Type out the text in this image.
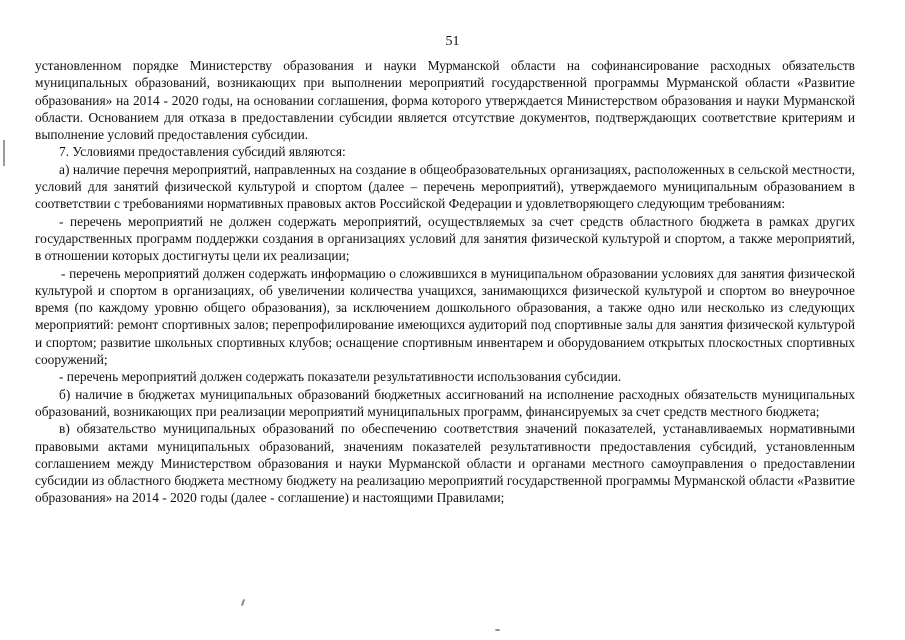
51

установленном порядке Министерству образования и науки Мурманской области на софинансирование расходных обязательств муниципальных образований, возникающих при выполнении мероприятий государственной программы Мурманской области «Развитие образования» на 2014 - 2020 годы, на основании соглашения, форма которого утверждается Министерством образования и науки Мурманской области. Основанием для отказа в предоставлении субсидии является отсутствие документов, подтверждающих соответствие критериям и выполнение условий предоставления субсидии.

7. Условиями предоставления субсидий являются:

а) наличие перечня мероприятий, направленных на создание в общеобразовательных организациях, расположенных в сельской местности, условий для занятий физической культурой и спортом (далее – перечень мероприятий), утверждаемого муниципальным образованием в соответствии с требованиями нормативных правовых актов Российской Федерации и удовлетворяющего следующим требованиям:

- перечень мероприятий не должен содержать мероприятий, осуществляемых за счет средств областного бюджета в рамках других государственных программ поддержки создания в организациях условий для занятия физической культурой и спортом, а также мероприятий, в отношении которых достигнуты цели их реализации;

- перечень мероприятий должен содержать информацию о сложившихся в муниципальном образовании условиях для занятия физической культурой и спортом в организациях, об увеличении количества учащихся, занимающихся физической культурой и спортом во внеурочное время (по каждому уровню общего образования), за исключением дошкольного образования, а также одно или несколько из следующих мероприятий: ремонт спортивных залов; перепрофилирование имеющихся аудиторий под спортивные залы для занятия физической культурой и спортом; развитие школьных спортивных клубов; оснащение спортивным инвентарем и оборудованием открытых плоскостных спортивных сооружений;

- перечень мероприятий должен содержать показатели результативности использования субсидии.

б) наличие в бюджетах муниципальных образований бюджетных ассигнований на исполнение расходных обязательств муниципальных образований, возникающих при реализации мероприятий муниципальных программ, финансируемых за счет средств местного бюджета;

в) обязательство муниципальных образований по обеспечению соответствия значений показателей, устанавливаемых нормативными правовыми актами муниципальных образований, значениям показателей результативности предоставления субсидий, установленным соглашением между Министерством образования и науки Мурманской области и органами местного самоуправления о предоставлении субсидии из областного бюджета местному бюджету на реализацию мероприятий государственной программы Мурманской области «Развитие образования» на 2014 - 2020 годы (далее - соглашение) и настоящими Правилами;
